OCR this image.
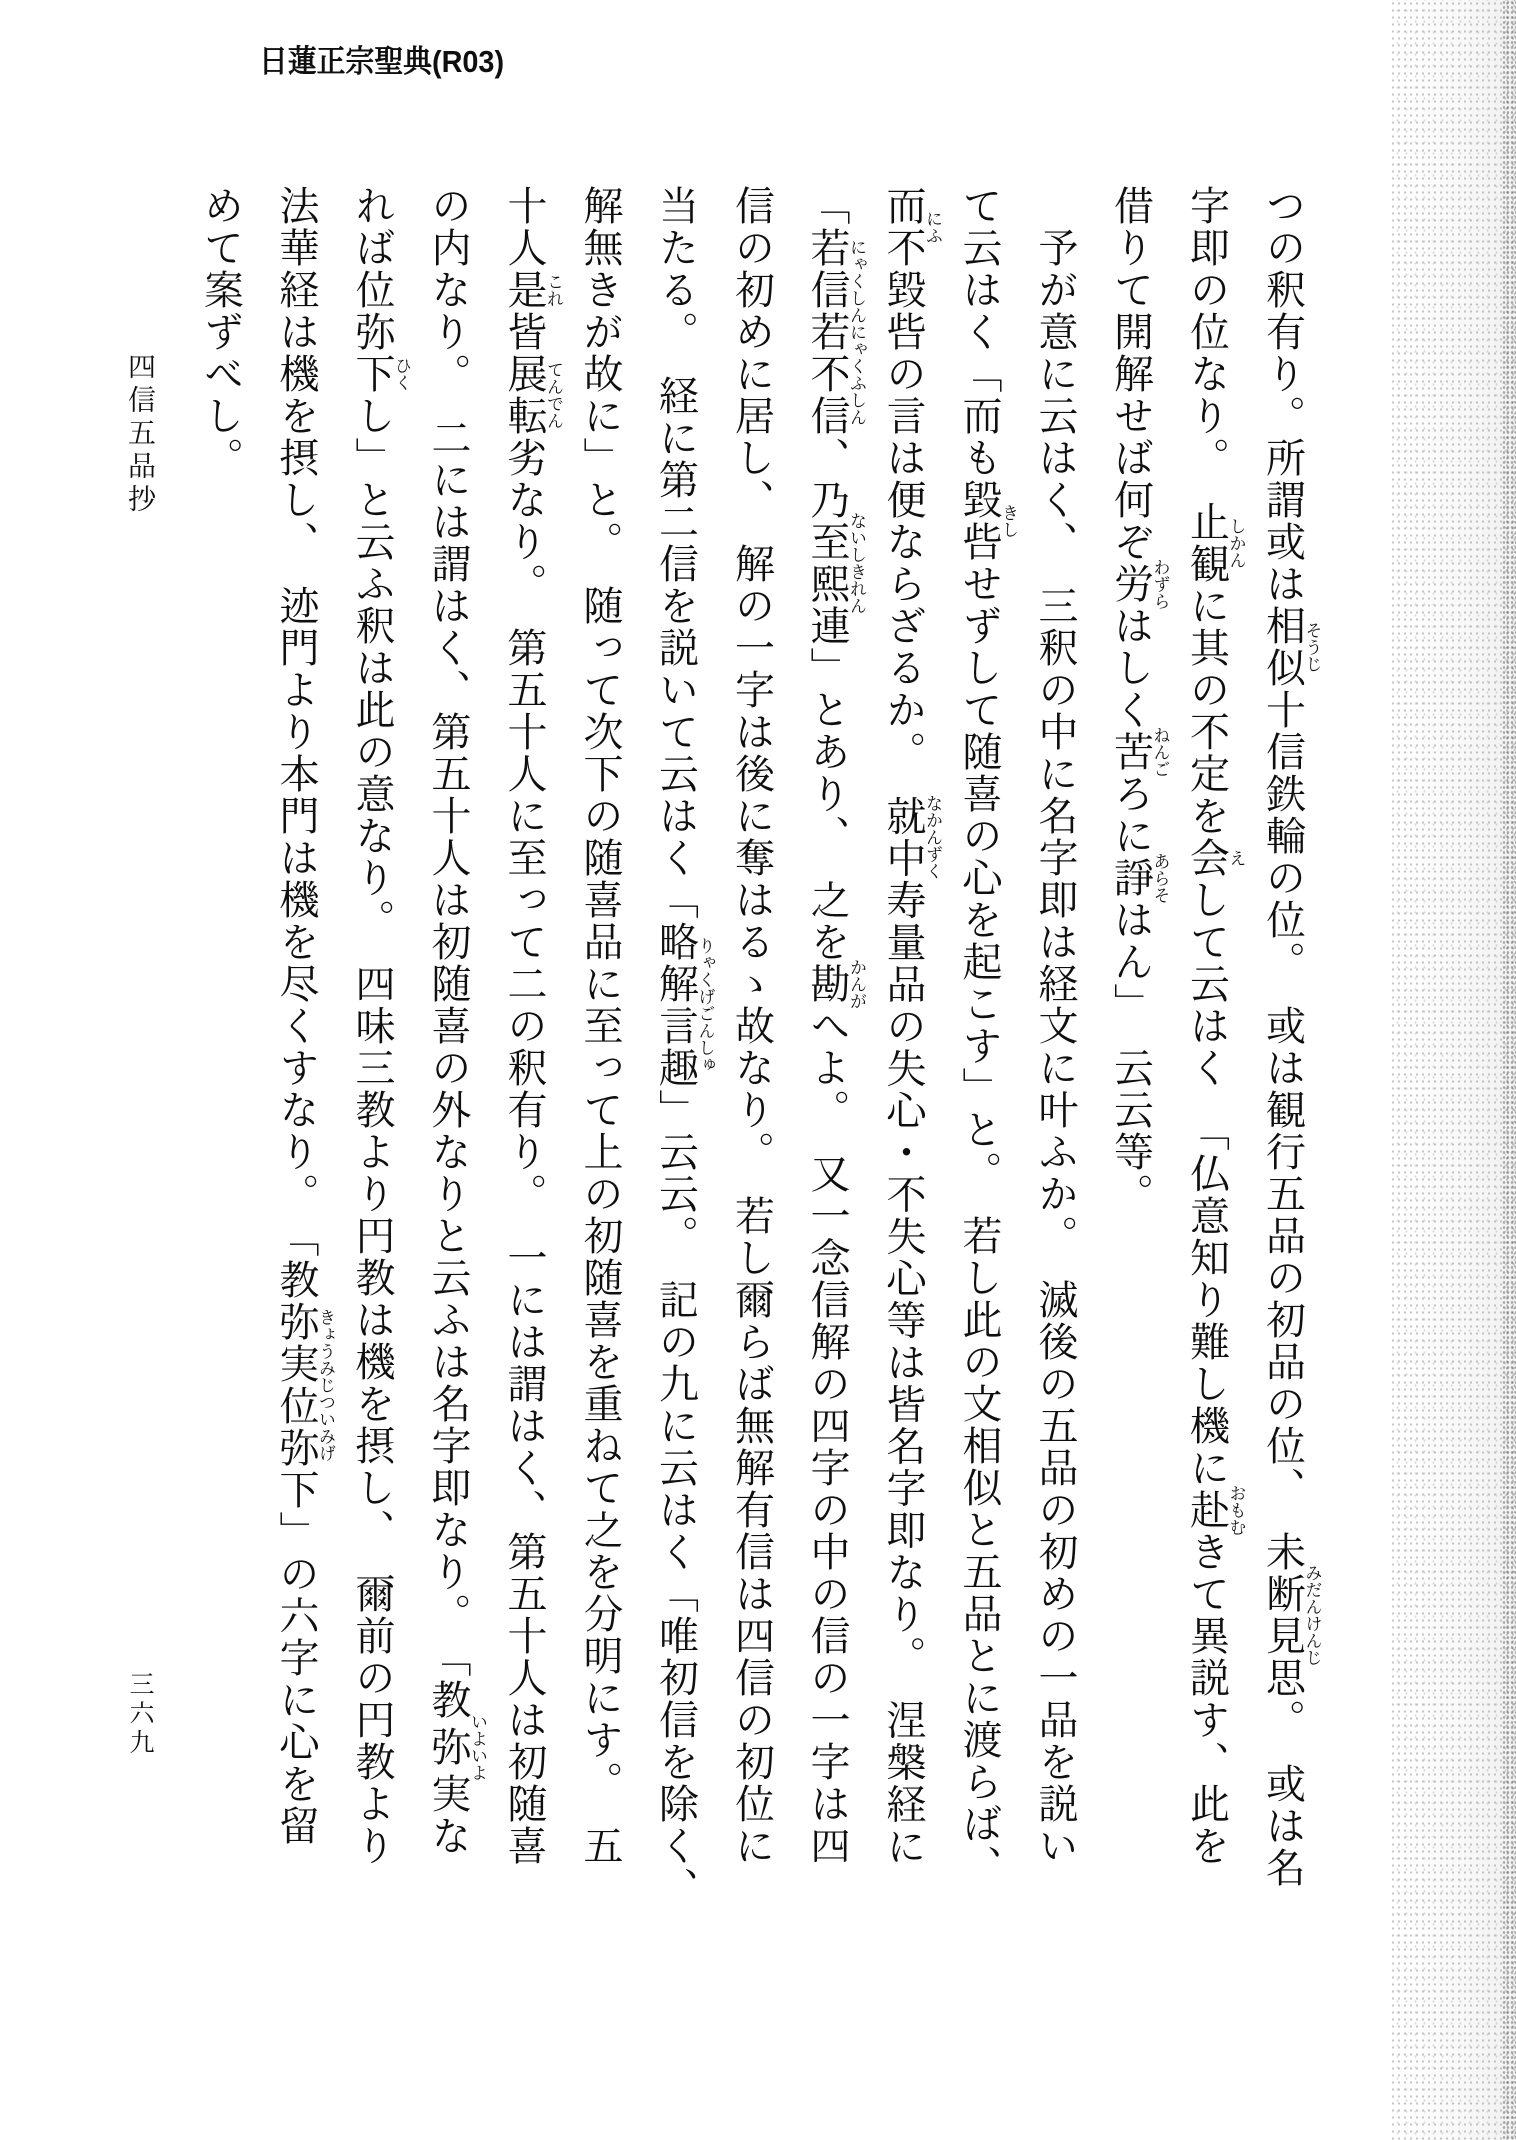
日蓮正宗聖典(R03)
四信五品抄
三六九
つの釈有り。所謂或は相似そうじ十信鉄輪の位。　或は観行五品の初品の位、　未断見思みだんけんじ。　或は名
字即の位なり。　止観しかんに其の不定を会えして云はく　「仏意知り難し機に赴おもむきて異説す、此を
借りて開解せば何ぞ労わずらはしく苦ねんごろに諍あらそはん」　云云等。
予が意に云はく、　三釈の中に名字即は経文に叶ふか。　滅後の五品の初めの一品を説い
て云はく「而も毀呰きしせずして随喜の心を起こす」と。　若し此の文相似と五品とに渡らば、
而不にふ毀呰の言は便ならざるか。　就中なかんずく寿量品の失心・不失心等は皆名字即なり。　涅槃経に
「若信若不信にゃくしんにゃくふしん、乃至熙連ないしきれん」とあり、　之を勘かんがへよ。　又一念信解の四字の中の信の一字は四
信の初めに居し、　解の一字は後に奪はるゝ故なり。　若し爾らば無解有信は四信の初位に
当たる。　経に第二信を説いて云はく「略解言趣りゃくげごんしゅ」云云。　記の九に云はく「唯初信を除く、
解無きが故に」と。　随って次下の随喜品に至って上の初随喜を重ねて之を分明にす。　五
十人是これ皆展転てんでん劣なり。　第五十人に至って二の釈有り。　一には謂はく、第五十人は初随喜
の内なり。　二には謂はく、第五十人は初随喜の外なりと云ふは名字即なり。　「教弥いよいよ実な
れば位弥下ひくし」と云ふ釈は此の意なり。　四味三教より円教は機を摂し、　爾前の円教より
法華経は機を摂し、　迹門より本門は機を尽くすなり。　「教弥実位弥下きょうみじついみげ」の六字に心を留
めて案ずべし。
